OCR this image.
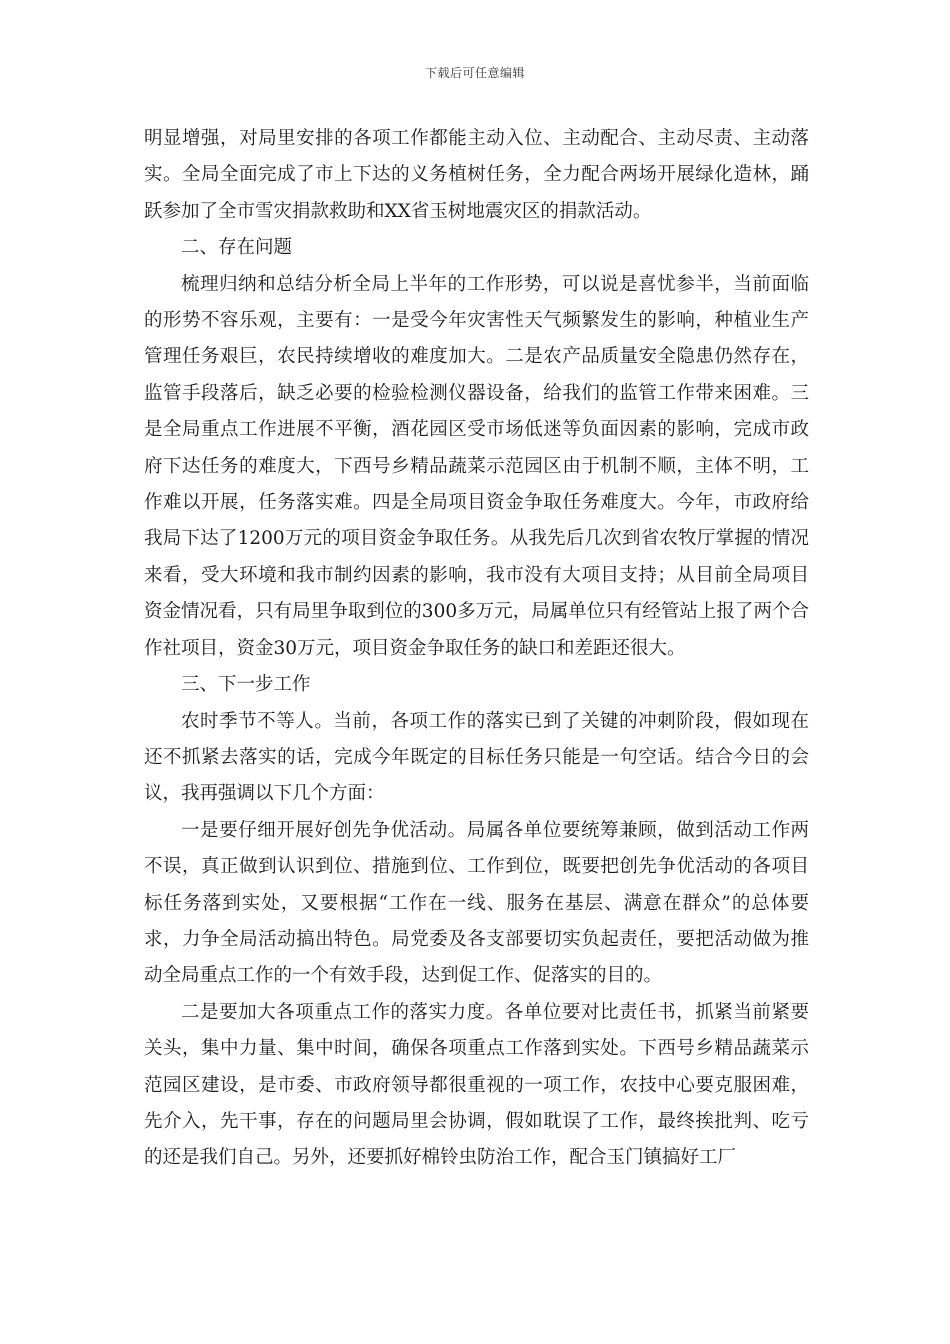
下载后可任意编辑

明显增强，对局里安排的各项工作都能主动入位、主动配合、主动尽责、主动落实。全局全面完成了市上下达的义务植树任务，全力配合两场开展绿化造林，踊跃参加了全市雪灾捐款救助和XX省玉树地震灾区的捐款活动。

二、存在问题

梳理归纳和总结分析全局上半年的工作形势，可以说是喜忧参半，当前面临的形势不容乐观，主要有：一是受今年灾害性天气频繁发生的影响，种植业生产管理任务艰巨，农民持续增收的难度加大。二是农产品质量安全隐患仍然存在，监管手段落后，缺乏必要的检验检测仪器设备，给我们的监管工作带来困难。三是全局重点工作进展不平衡，酒花园区受市场低迷等负面因素的影响，完成市政府下达任务的难度大，下西号乡精品蔬菜示范园区由于机制不顺，主体不明，工作难以开展，任务落实难。四是全局项目资金争取任务难度大。今年，市政府给我局下达了1200万元的项目资金争取任务。从我先后几次到省农牧厅掌握的情况来看，受大环境和我市制约因素的影响，我市没有大项目支持；从目前全局项目资金情况看，只有局里争取到位的300多万元，局属单位只有经管站上报了两个合作社项目，资金30万元，项目资金争取任务的缺口和差距还很大。

三、下一步工作

农时季节不等人。当前，各项工作的落实已到了关键的冲刺阶段，假如现在还不抓紧去落实的话，完成今年既定的目标任务只能是一句空话。结合今日的会议，我再强调以下几个方面：

一是要仔细开展好创先争优活动。局属各单位要统筹兼顾，做到活动工作两不误，真正做到认识到位、措施到位、工作到位，既要把创先争优活动的各项目标任务落到实处，又要根据“工作在一线、服务在基层、满意在群众”的总体要求，力争全局活动搞出特色。局党委及各支部要切实负起责任，要把活动做为推动全局重点工作的一个有效手段，达到促工作、促落实的目的。

二是要加大各项重点工作的落实力度。各单位要对比责任书，抓紧当前紧要关头，集中力量、集中时间，确保各项重点工作落到实处。下西号乡精品蔬菜示范园区建设，是市委、市政府领导都很重视的一项工作，农技中心要克服困难，先介入，先干事，存在的问题局里会协调，假如耽误了工作，最终挨批判、吃亏的还是我们自己。另外，还要抓好棉铃虫防治工作，配合玉门镇搞好工厂
